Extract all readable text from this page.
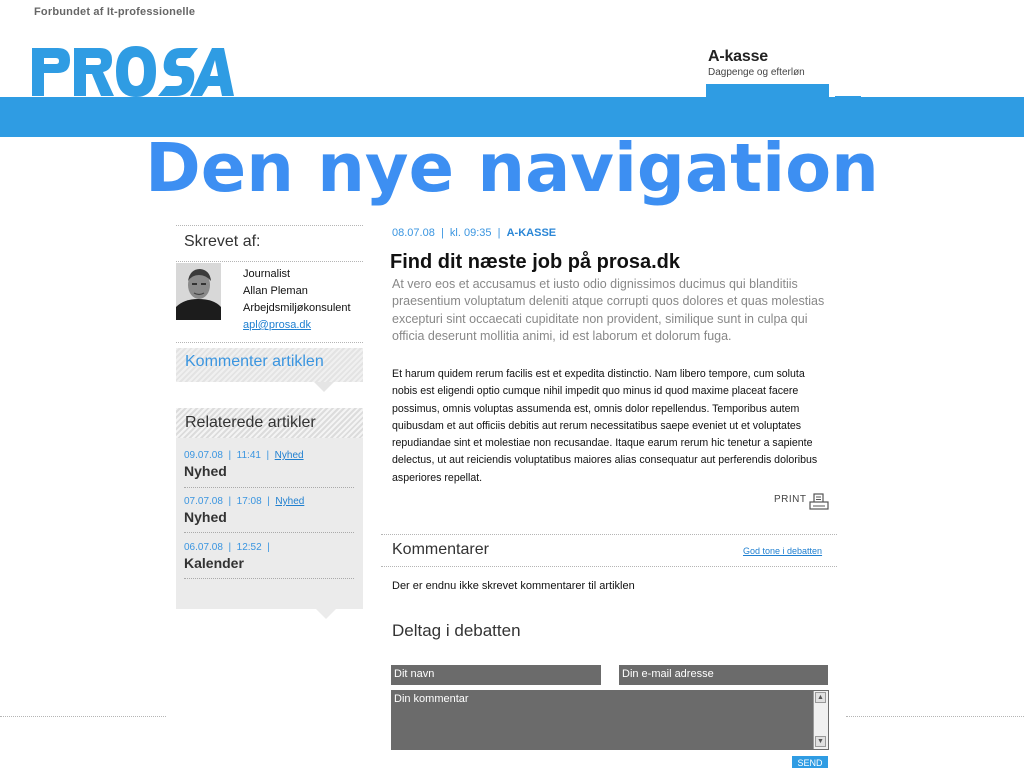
Forbundet af It-professionelle
A-kasse
Dagpenge og efterløn
Den nye navigation
Skrevet af:
Journalist
Allan Pleman
Arbejdsmiljøkonsulent
apl@prosa.dk
Kommenter artiklen
Relaterede artikler
09.07.08  |  11:41  |  Nyhed
Nyhed
07.07.08  |  17:08  |  Nyhed
Nyhed
06.07.08  |  12:52  |
Kalender
08.07.08  |  kl. 09:35  |  A-KASSE
Find dit næste job på prosa.dk
At vero eos et accusamus et iusto odio dignissimos ducimus qui blanditiis praesentium voluptatum deleniti atque corrupti quos dolores et quas molestias excepturi sint occaecati cupiditate non provident, similique sunt in culpa qui officia deserunt mollitia animi, id est laborum et dolorum fuga.
Et harum quidem rerum facilis est et expedita distinctio. Nam libero tempore, cum soluta nobis est eligendi optio cumque nihil impedit quo minus id quod maxime placeat facere possimus, omnis voluptas assumenda est, omnis dolor repellendus. Temporibus autem quibusdam et aut officiis debitis aut rerum necessitatibus saepe eveniet ut et voluptates repudiandae sint et molestiae non recusandae. Itaque earum rerum hic tenetur a sapiente delectus, ut aut reiciendis voluptatibus maiores alias consequatur aut perferendis doloribus asperiores repellat.
PRINT
Kommentarer	God tone i debatten
Der er endnu ikke skrevet kommentarer til artiklen
Deltag i debatten
Dit navn	Din e-mail adresse
Din kommentar	▲
▼
SEND
